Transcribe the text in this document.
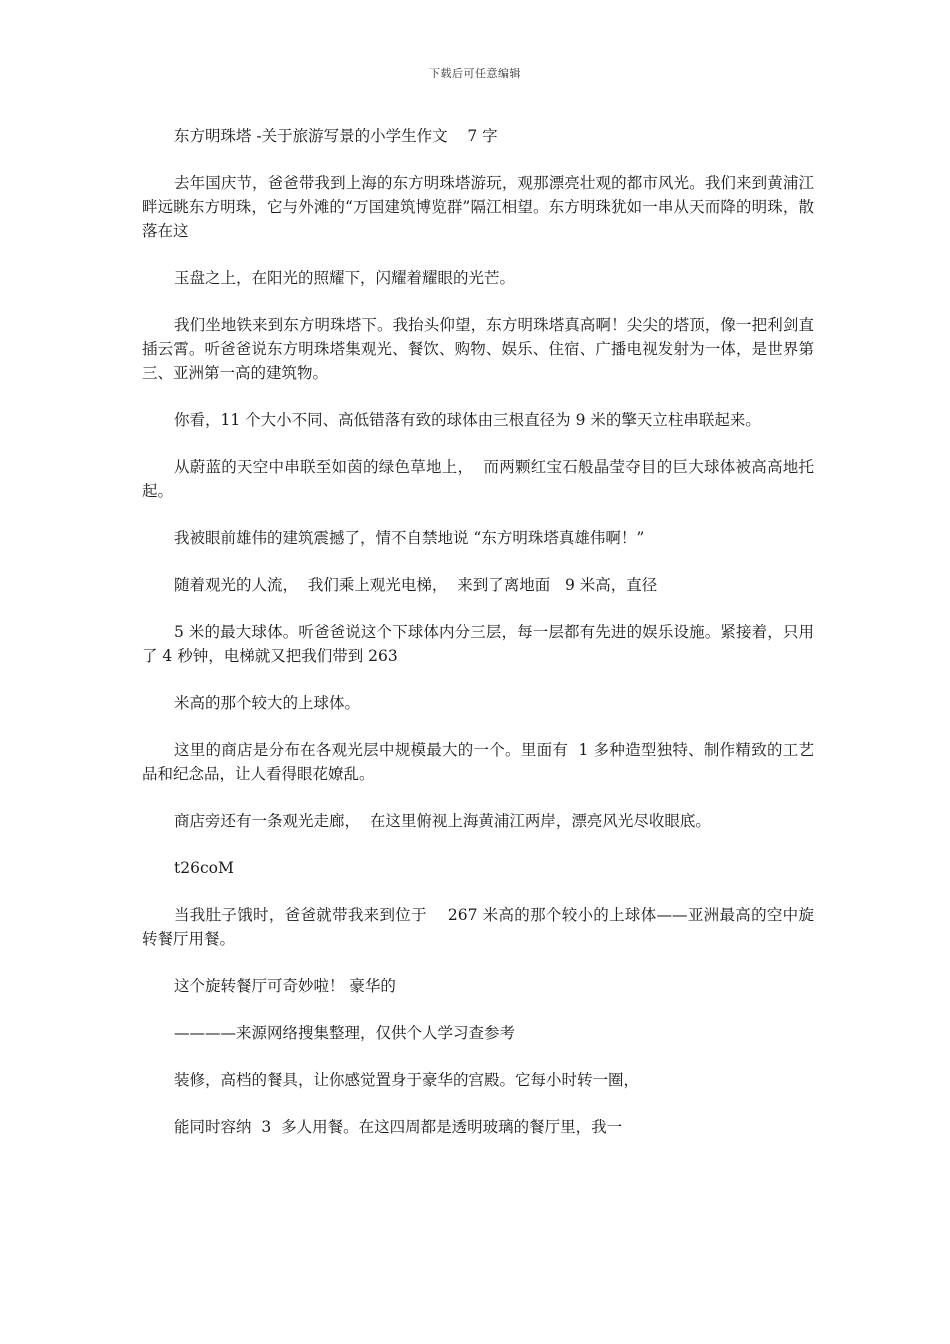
下载后可任意编辑

东方明珠塔 -关于旅游写景的小学生作文    7 字

去年国庆节，爸爸带我到上海的东方明珠塔游玩，观那漂亮壮观的都市风光。我们来到黄浦江畔远眺东方明珠，它与外滩的“万国建筑博览群”隔江相望。东方明珠犹如一串从天而降的明珠，散落在这

玉盘之上，在阳光的照耀下，闪耀着耀眼的光芒。

我们坐地铁来到东方明珠塔下。我抬头仰望，东方明珠塔真高啊！尖尖的塔顶，像一把利剑直插云霄。听爸爸说东方明珠塔集观光、餐饮、购物、娱乐、住宿、广播电视发射为一体，是世界第三、亚洲第一高的建筑物。

你看，11 个大小不同、高低错落有致的球体由三根直径为 9 米的擎天立柱串联起来。

从蔚蓝的天空中串联至如茵的绿色草地上，  而两颗红宝石般晶莹夺目的巨大球体被高高地托起。

我被眼前雄伟的建筑震撼了，情不自禁地说 “东方明珠塔真雄伟啊！”

随着观光的人流，  我们乘上观光电梯，  来到了离地面   9 米高，直径

5 米的最大球体。听爸爸说这个下球体内分三层，每一层都有先进的娱乐设施。紧接着，只用了 4 秒钟，电梯就又把我们带到 263

米高的那个较大的上球体。

这里的商店是分布在各观光层中规模最大的一个。里面有  1 多种造型独特、制作精致的工艺品和纪念品，让人看得眼花嫽乱。

商店旁还有一条观光走廊，  在这里俯视上海黄浦江两岸，漂亮风光尽收眼底。

t26coM

当我肚子饿时，爸爸就带我来到位于    267 米高的那个较小的上球体——亚洲最高的空中旋转餐厅用餐。

这个旋转餐厅可奇妙啦！ 豪华的

————来源网络搜集整理，仅供个人学习查参考

装修，高档的餐具，让你感觉置身于豪华的宫殿。它每小时转一圈，

能同时容纳  3  多人用餐。在这四周都是透明玻璃的餐厅里，我一
